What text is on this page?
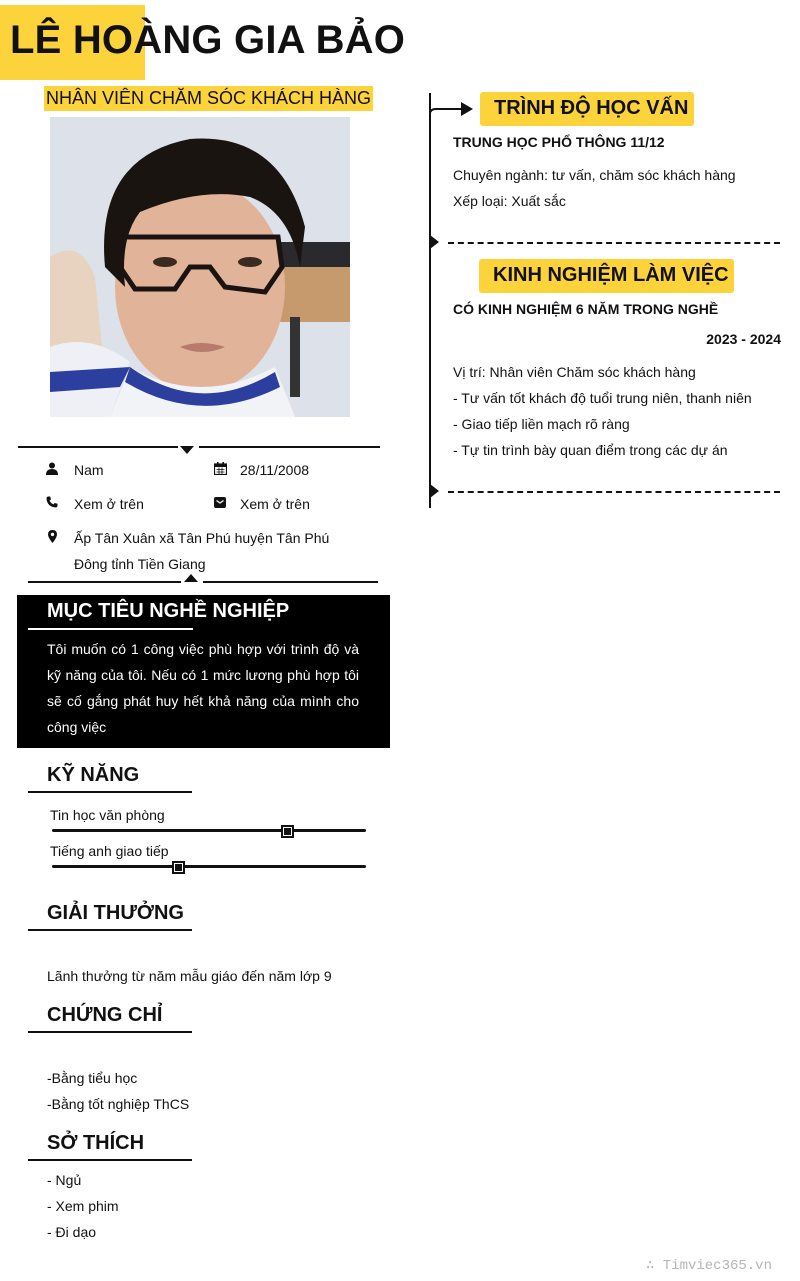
LÊ HOÀNG GIA BẢO
NHÂN VIÊN CHĂM SÓC KHÁCH HÀNG
Nam	28/11/2008
Xem ở trên	Xem ở trên
Ấp Tân Xuân xã Tân Phú huyện Tân Phú
Đông tỉnh Tiền Giang
MỤC TIÊU NGHỀ NGHIỆP
Tôi muốn có 1 công việc phù hợp với trình độ và kỹ năng của tôi. Nếu có 1 mức lương phù hợp tôi sẽ cố gắng phát huy hết khả năng của mình cho công việc
KỸ NĂNG
Tin học văn phòng
Tiếng anh giao tiếp
GIẢI THƯỞNG
Lãnh thưởng từ năm mẫu giáo đến năm lớp 9
CHỨNG CHỈ
-Bằng tiểu học
-Bằng tốt nghiệp ThCS
SỞ THÍCH
- Ngủ
- Xem phim
- Đi dạo
TRÌNH ĐỘ HỌC VẤN
TRUNG HỌC PHỔ THÔNG 11/12
Chuyên ngành: tư vấn, chăm sóc khách hàng
Xếp loại: Xuất sắc
KINH NGHIỆM LÀM VIỆC
CÓ KINH NGHIỆM 6 NĂM TRONG NGHỀ
2023 - 2024
Vị trí: Nhân viên Chăm sóc khách hàng
- Tư vấn tốt khách độ tuổi trung niên, thanh niên
- Giao tiếp liền mạch rõ ràng
- Tự tin trình bày quan điểm trong các dự án
∴ Timviec365.vn
